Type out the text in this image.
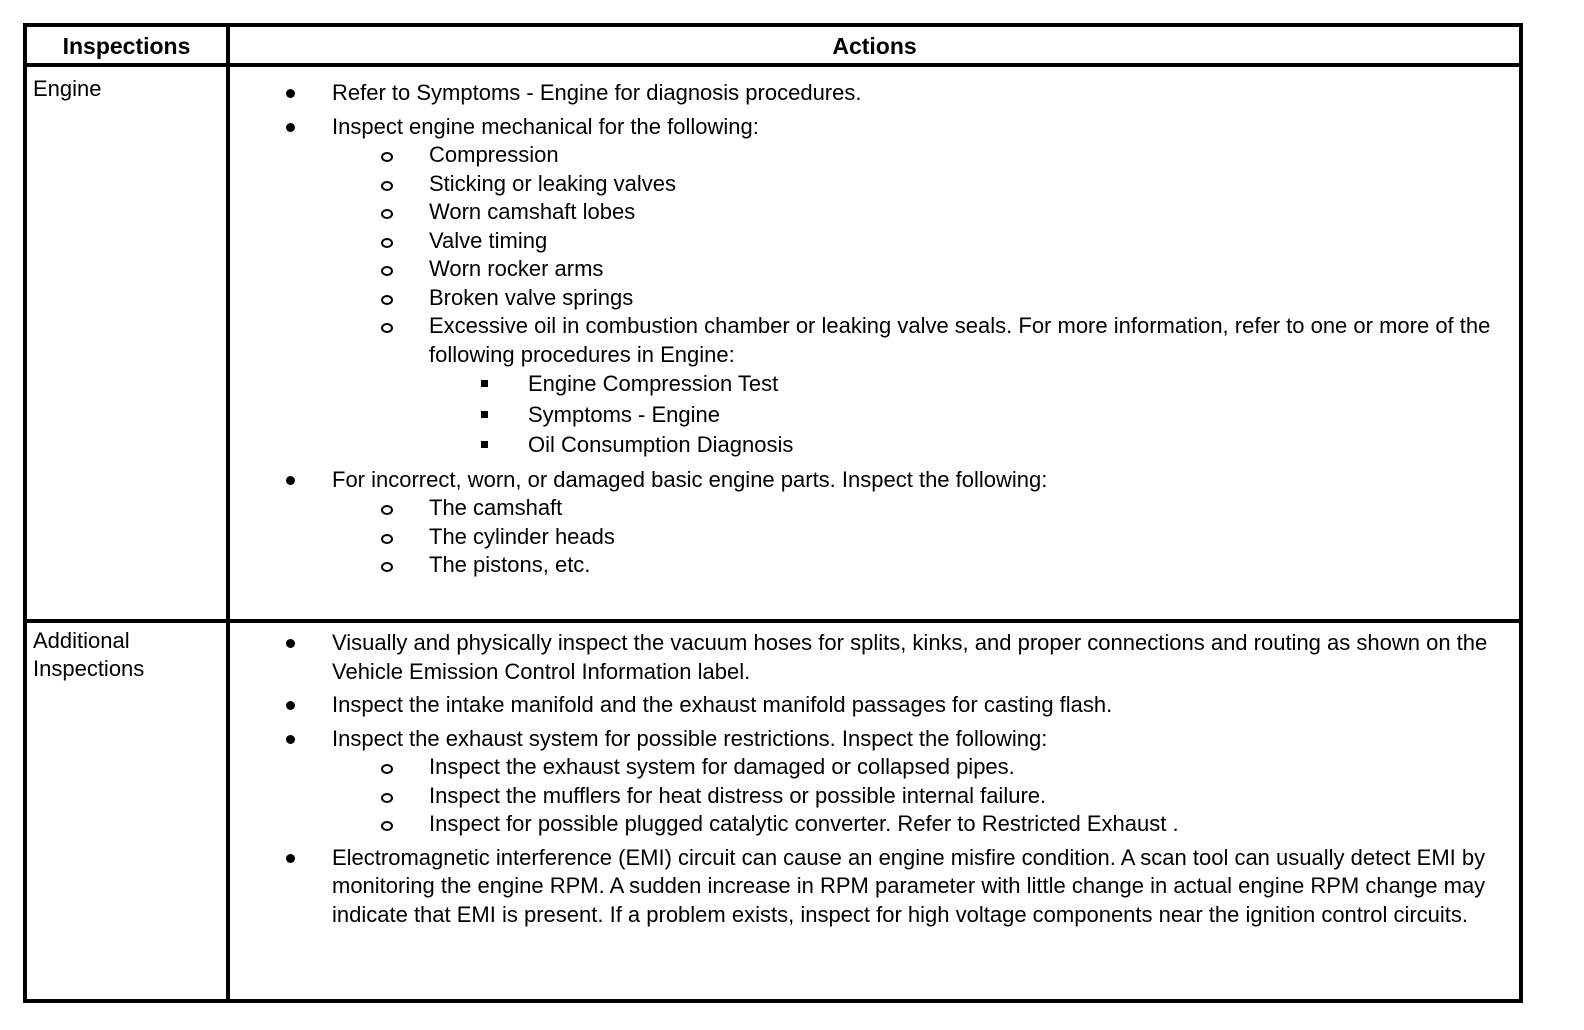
Inspections	Actions
Engine	Refer to Symptoms - Engine for diagnosis procedures.
Inspect engine mechanical for the following:
Compression
Sticking or leaking valves
Worn camshaft lobes
Valve timing
Worn rocker arms
Broken valve springs
Excessive oil in combustion chamber or leaking valve seals. For more information, refer to one or more of the following procedures in Engine:
Engine Compression Test
Symptoms - Engine
Oil Consumption Diagnosis
For incorrect, worn, or damaged basic engine parts. Inspect the following:
The camshaft
The cylinder heads
The pistons, etc.
Additional
Inspections
Visually and physically inspect the vacuum hoses for splits, kinks, and proper connections and routing as shown on the Vehicle Emission Control Information label.
Inspect the intake manifold and the exhaust manifold passages for casting flash.
Inspect the exhaust system for possible restrictions. Inspect the following:
Inspect the exhaust system for damaged or collapsed pipes.
Inspect the mufflers for heat distress or possible internal failure.
Inspect for possible plugged catalytic converter. Refer to Restricted Exhaust .
Electromagnetic interference (EMI) circuit can cause an engine misfire condition. A scan tool can usually detect EMI by monitoring the engine RPM. A sudden increase in RPM parameter with little change in actual engine RPM change may indicate that EMI is present. If a problem exists, inspect for high voltage components near the ignition control circuits.
